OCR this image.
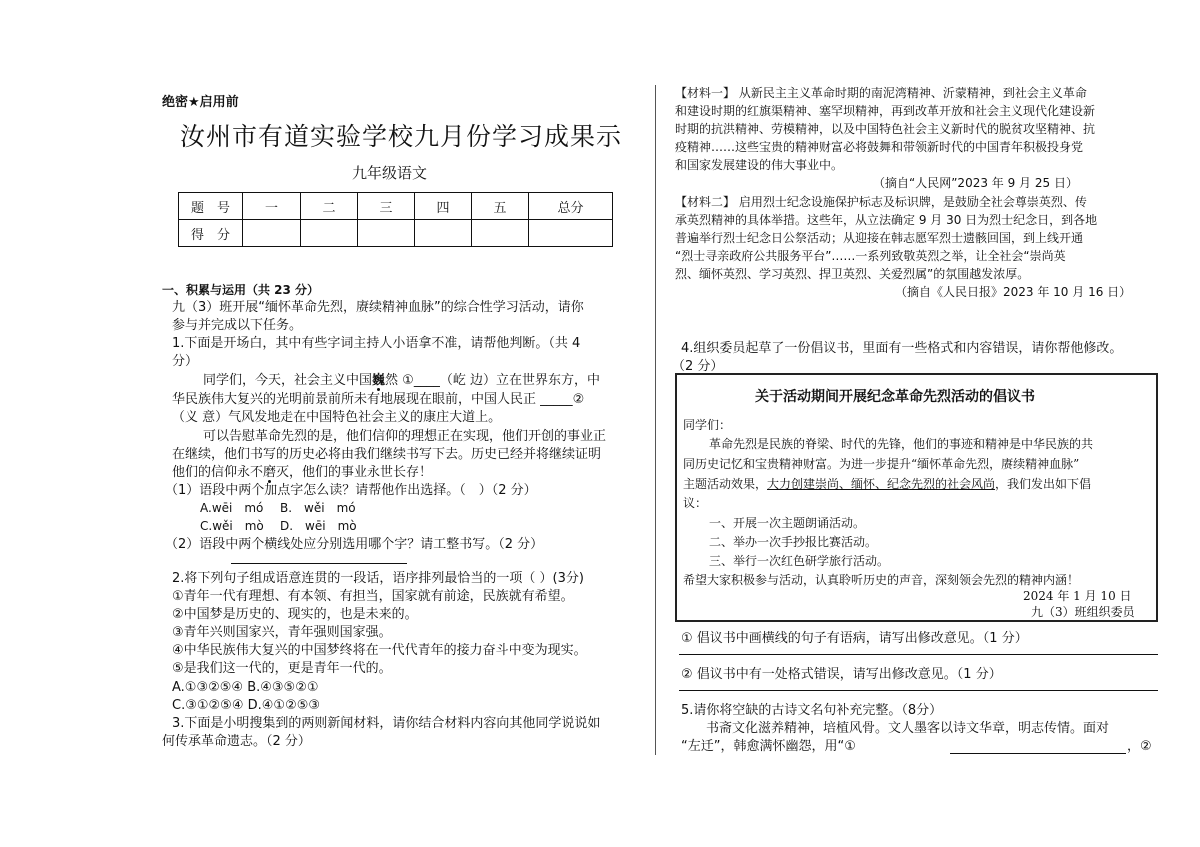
绝密★启用前
汝州市有道实验学校九月份学习成果示
九年级语文
题　号	一	二	三	四	五	总分
得　分						
一、积累与运用（共 23 分）
九（3）班开展“缅怀革命先烈，赓续精神血脉”的综合性学习活动，请你
参与并完成以下任务。
1.下面是开场白，其中有些字词主持人小语拿不准，请帮他判断。（共 4
分）
同学们，今天，社会主义中国巍然 ①____（屹 边）立在世界东方，中
华民族伟大复兴的光明前景前所未有地展现在眼前，中国人民正 _____②
（义 意）气风发地走在中国特色社会主义的康庄大道上。
可以告慰革命先烈的是，他们信仰的理想正在实现，他们开创的事业正
在继续，他们书写的历史必将由我们继续书写下去。历史已经并将继续证明
他们的信仰永不磨灭，他们的事业永世长存！
（1）语段中两个加点字怎么读？请帮他作出选择。（　）（2 分）
A.wēi　mó B.　wěi　mó
C.wěi　mò D.　wēi　mò
（2）语段中两个横线处应分别选用哪个字？请工整书写。（2 分）
2.将下列句子组成语意连贯的一段话，语序排列最恰当的一项（ ）(3分)
①青年一代有理想、有本领、有担当，国家就有前途，民族就有希望。
②中国梦是历史的、现实的，也是未来的。
③青年兴则国家兴，青年强则国家强。
④中华民族伟大复兴的中国梦终将在一代代青年的接力奋斗中变为现实。
⑤是我们这一代的，更是青年一代的。
A.①③②⑤④ B.④③⑤②①
C.③①②⑤④ D.④①②⑤③
3.下面是小明搜集到的两则新闻材料，请你结合材料内容向其他同学说说如
何传承革命遗志。（2 分）
【材料一】 从新民主主义革命时期的南泥湾精神、沂蒙精神，到社会主义革命
和建设时期的红旗渠精神、塞罕坝精神，再到改革开放和社会主义现代化建设新
时期的抗洪精神、劳模精神，以及中国特色社会主义新时代的脱贫攻坚精神、抗
疫精神……这些宝贵的精神财富必将鼓舞和带领新时代的中国青年积极投身党
和国家发展建设的伟大事业中。
（摘自“人民网”2023 年 9 月 25 日）
【材料二】 启用烈士纪念设施保护标志及标识牌，是鼓励全社会尊崇英烈、传
承英烈精神的具体举措。这些年，从立法确定 9 月 30 日为烈士纪念日，到各地
普遍举行烈士纪念日公祭活动；从迎接在韩志愿军烈士遗骸回国，到上线开通
“烈士寻亲政府公共服务平台”……一系列致敬英烈之举，让全社会“崇尚英
烈、缅怀英烈、学习英烈、捍卫英烈、关爱烈属”的氛围越发浓厚。
（摘自《人民日报》2023 年 10 月 16 日）
4.组织委员起草了一份倡议书，里面有一些格式和内容错误，请你帮他修改。
（2 分）
关于活动期间开展纪念革命先烈活动的倡议书
同学们：
革命先烈是民族的脊梁、时代的先锋，他们的事迹和精神是中华民族的共
同历史记忆和宝贵精神财富。为进一步提升“缅怀革命先烈，赓续精神血脉”
主题活动效果，大力创建崇尚、缅怀、纪念先烈的社会风尚，我们发出如下倡
议：
一、开展一次主题朗诵活动。
二、举办一次手抄报比赛活动。
三、举行一次红色研学旅行活动。
希望大家积极参与活动，认真聆听历史的声音，深刻领会先烈的精神内涵！
2024 年 1 月 10 日
九（3）班组织委员
① 倡议书中画横线的句子有语病，请写出修改意见。（1 分）
② 倡议书中有一处格式错误，请写出修改意见。（1 分）
5.请你将空缺的古诗文名句补充完整。（8分）
书斋文化滋养精神，培植风骨。文人墨客以诗文华章，明志传情。面对
“左迁”，韩愈满怀幽怨，用“①	，②
